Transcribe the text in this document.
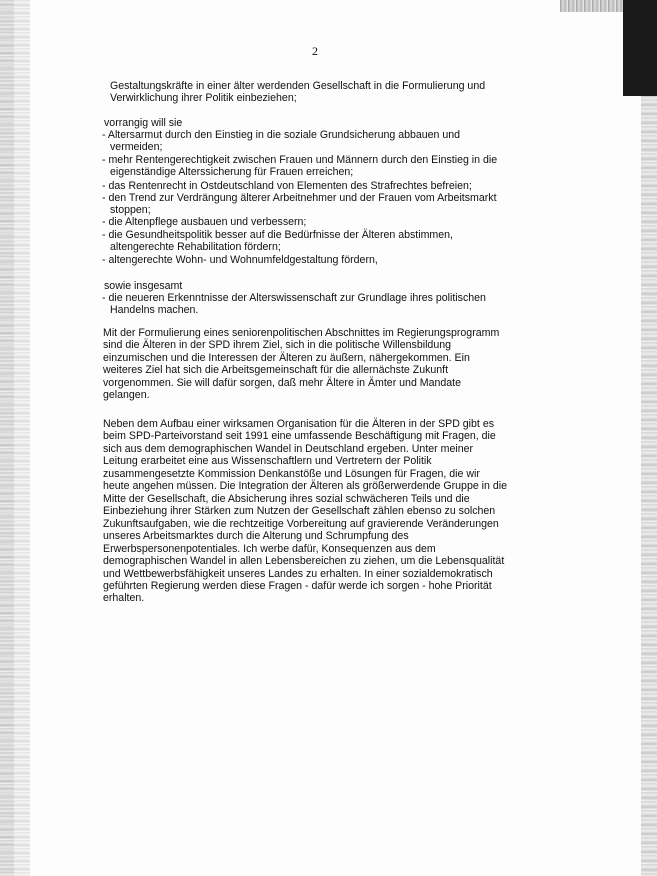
2
Gestaltungskräfte in einer älter werdenden Gesellschaft in die Formulierung und
Verwirklichung ihrer Politik einbeziehen;
vorrangig will sie
- Altersarmut durch den Einstieg in die soziale Grundsicherung abbauen und
vermeiden;
- mehr Rentengerechtigkeit zwischen Frauen und Männern durch den Einstieg in die
eigenständige Alterssicherung für Frauen erreichen;
- das Rentenrecht in Ostdeutschland von Elementen des Strafrechtes befreien;
- den Trend zur Verdrängung älterer Arbeitnehmer und der Frauen vom Arbeitsmarkt
stoppen;
- die Altenpflege ausbauen und verbessern;
- die Gesundheitspolitik besser auf die Bedürfnisse der Älteren abstimmen,
altengerechte Rehabilitation fördern;
- altengerechte Wohn- und Wohnumfeldgestaltung fördern,
sowie insgesamt
- die neueren Erkenntnisse der Alterswissenschaft zur Grundlage ihres politischen
Handelns machen.
Mit der Formulierung eines seniorenpolitischen Abschnittes im Regierungsprogramm
sind die Älteren in der SPD ihrem Ziel, sich in die politische Willensbildung
einzumischen und die Interessen der Älteren zu äußern, nähergekommen. Ein
weiteres Ziel hat sich die Arbeitsgemeinschaft für die allernächste Zukunft
vorgenommen. Sie will dafür sorgen, daß mehr Ältere in Ämter und Mandate
gelangen.
Neben dem Aufbau einer wirksamen Organisation für die Älteren in der SPD gibt es
beim SPD-Parteivorstand seit 1991 eine umfassende Beschäftigung mit Fragen, die
sich aus dem demographischen Wandel in Deutschland ergeben. Unter meiner
Leitung erarbeitet eine aus Wissenschaftlern und Vertretern der Politik
zusammengesetzte Kommission Denkanstöße und Lösungen für Fragen, die wir
heute angehen müssen. Die Integration der Älteren als größerwerdende Gruppe in die
Mitte der Gesellschaft, die Absicherung ihres sozial schwächeren Teils und die
Einbeziehung ihrer Stärken zum Nutzen der Gesellschaft zählen ebenso zu solchen
Zukunftsaufgaben, wie die rechtzeitige Vorbereitung auf gravierende Veränderungen
unseres Arbeitsmarktes durch die Alterung und Schrumpfung des
Erwerbspersonenpotentiales. Ich werbe dafür, Konsequenzen aus dem
demographischen Wandel in allen Lebensbereichen zu ziehen, um die Lebensqualität
und Wettbewerbsfähigkeit unseres Landes zu erhalten. In einer sozialdemokratisch
geführten Regierung werden diese Fragen - dafür werde ich sorgen - hohe Priorität
erhalten.
